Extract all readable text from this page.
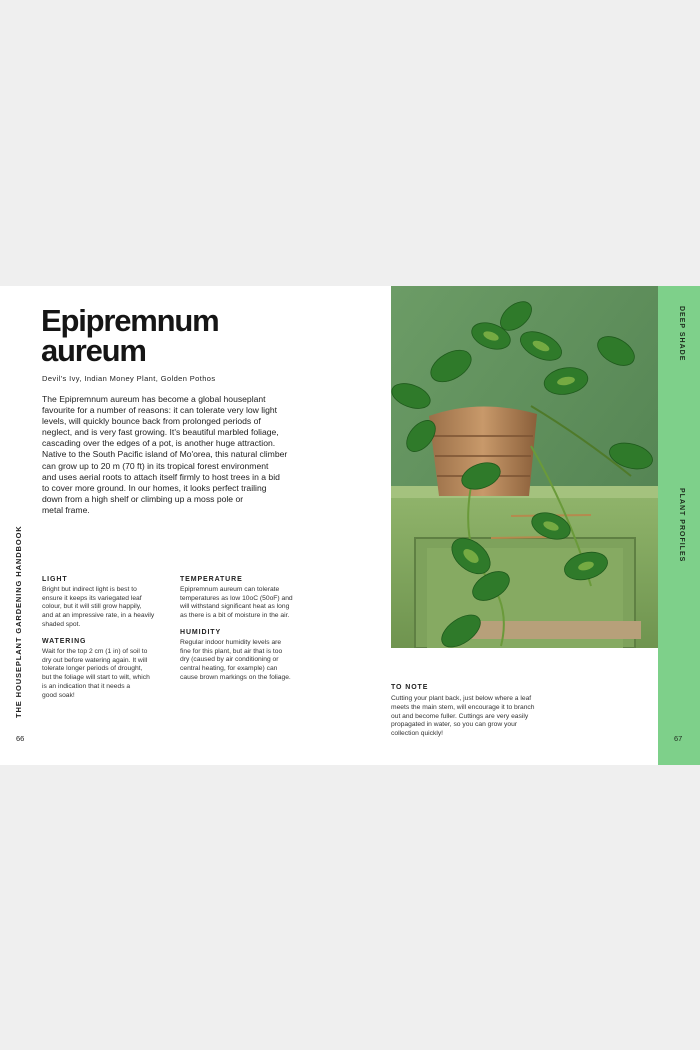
THE HOUSEPLANT GARDENING HANDBOOK
66
Epipremnum
aureum
Devil's Ivy, Indian Money Plant, Golden Pothos

The Epipremnum aureum has become a global houseplant
favourite for a number of reasons: it can tolerate very low light
levels, will quickly bounce back from prolonged periods of
neglect, and is very fast growing. It's beautiful marbled foliage,
cascading over the edges of a pot, is another huge attraction.
Native to the South Pacific island of Mo'orea, this natural climber
can grow up to 20 m (70 ft) in its tropical forest environment
and uses aerial roots to attach itself firmly to host trees in a bid
to cover more ground. In our homes, it looks perfect trailing
down from a high shelf or climbing up a moss pole or
metal frame.

LIGHT

Bright but indirect light is best to
ensure it keeps its variegated leaf
colour, but it will still grow happily,
and at an impressive rate, in a heavily
shaded spot.

WATERING

Wait for the top 2 cm (1 in) of soil to
dry out before watering again. It will
tolerate longer periods of drought,
but the foliage will start to wilt, which
is an indication that it needs a
good soak!

TEMPERATURE

Epipremnum aureum can tolerate
temperatures as low 10oC (50oF) and
will withstand significant heat as long
as there is a bit of moisture in the air.

HUMIDITY

Regular indoor humidity levels are
fine for this plant, but air that is too
dry (caused by air conditioning or
central heating, for example) can
cause brown markings on the foliage.

TO NOTE

Cutting your plant back, just below where a leaf
meets the main stem, will encourage it to branch
out and become fuller. Cuttings are very easily
propagated in water, so you can grow your
collection quickly!

DEEP SHADE
PLANT PROFILES
67
